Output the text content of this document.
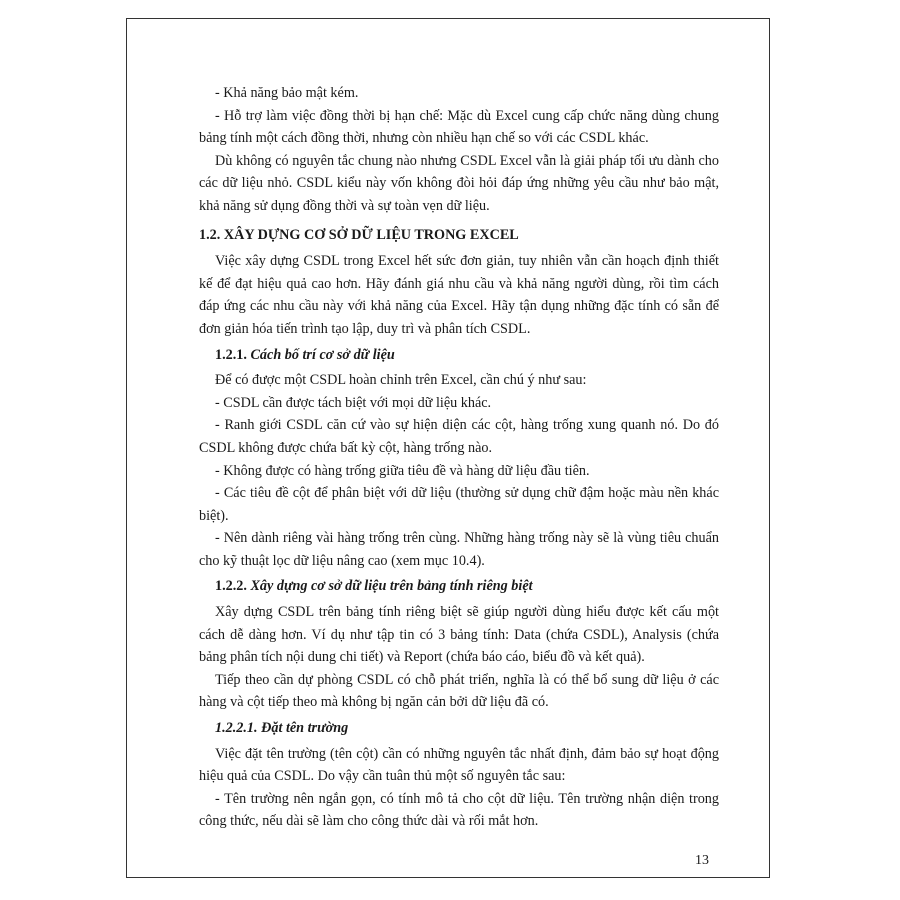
- Khả năng bảo mật kém.

- Hỗ trợ làm việc đồng thời bị hạn chế: Mặc dù Excel cung cấp chức năng dùng chung bảng tính một cách đồng thời, nhưng còn nhiều hạn chế so với các CSDL khác.

Dù không có nguyên tắc chung nào nhưng CSDL Excel vẫn là giải pháp tối ưu dành cho các dữ liệu nhỏ. CSDL kiểu này vốn không đòi hỏi đáp ứng những yêu cầu như bảo mật, khả năng sử dụng đồng thời và sự toàn vẹn dữ liệu.

1.2. XÂY DỰNG CƠ SỞ DỮ LIỆU TRONG EXCEL

Việc xây dựng CSDL trong Excel hết sức đơn giản, tuy nhiên vẫn cần hoạch định thiết kế để đạt hiệu quả cao hơn. Hãy đánh giá nhu cầu và khả năng người dùng, rồi tìm cách đáp ứng các nhu cầu này với khả năng của Excel. Hãy tận dụng những đặc tính có sẵn để đơn giản hóa tiến trình tạo lập, duy trì và phân tích CSDL.

1.2.1. Cách bố trí cơ sở dữ liệu

Để có được một CSDL hoàn chỉnh trên Excel, cần chú ý như sau:

- CSDL cần được tách biệt với mọi dữ liệu khác.

- Ranh giới CSDL căn cứ vào sự hiện diện các cột, hàng trống xung quanh nó. Do đó CSDL không được chứa bất kỳ cột, hàng trống nào.

- Không được có hàng trống giữa tiêu đề và hàng dữ liệu đầu tiên.

- Các tiêu đề cột để phân biệt với dữ liệu (thường sử dụng chữ đậm hoặc màu nền khác biệt).

- Nên dành riêng vài hàng trống trên cùng. Những hàng trống này sẽ là vùng tiêu chuẩn cho kỹ thuật lọc dữ liệu nâng cao (xem mục 10.4).

1.2.2. Xây dựng cơ sở dữ liệu trên bảng tính riêng biệt

Xây dựng CSDL trên bảng tính riêng biệt sẽ giúp người dùng hiểu được kết cấu một cách dễ dàng hơn. Ví dụ như tập tin có 3 bảng tính: Data (chứa CSDL), Analysis (chứa bảng phân tích nội dung chi tiết) và Report (chứa báo cáo, biểu đồ và kết quả).

Tiếp theo cần dự phòng CSDL có chỗ phát triển, nghĩa là có thể bổ sung dữ liệu ở các hàng và cột tiếp theo mà không bị ngăn cản bởi dữ liệu đã có.

1.2.2.1. Đặt tên trường

Việc đặt tên trường (tên cột) cần có những nguyên tắc nhất định, đảm bảo sự hoạt động hiệu quả của CSDL. Do vậy cần tuân thủ một số nguyên tắc sau:

- Tên trường nên ngắn gọn, có tính mô tả cho cột dữ liệu. Tên trường nhận diện trong công thức, nếu dài sẽ làm cho công thức dài và rối mắt hơn.

13
